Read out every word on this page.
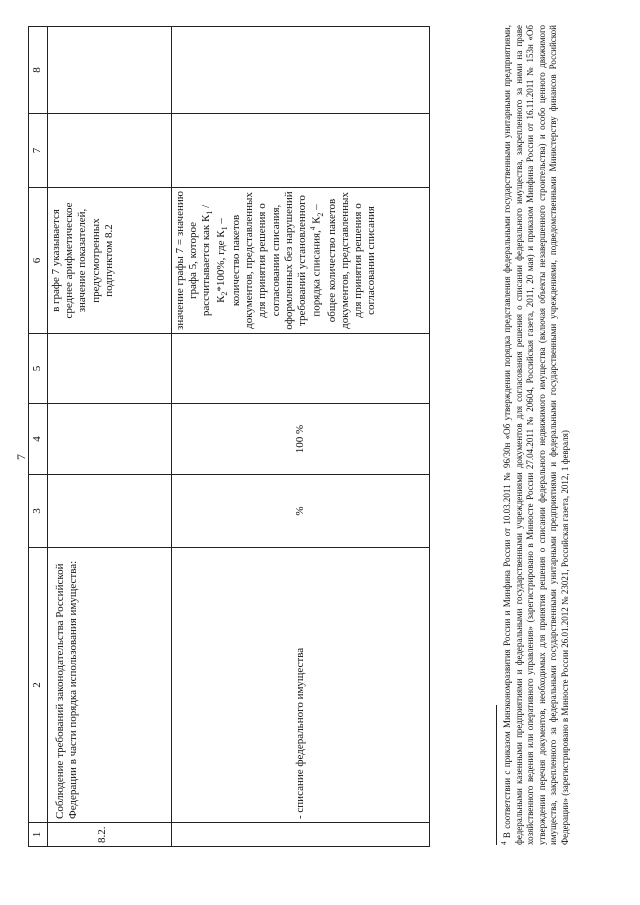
7
1	2	3	4	5	6	7	8
8.2.	Соблюдение требований законодательства Российской Федерации в части порядка использования имущества:				в графе 7 указывается среднее арифметическое значение показателей, предусмотренных подпунктом 8.2		
	- списание федерального имущества	%	100 %		значение графы 7 = значению графа 5, которое рассчитывается как $К_1$ $/К_2*100\%$, где $К_1$ – количество пакетов документов, представленных для принятия решения о согласовании списания, оформленных без нарушений требований установленного порядка списания,$^4$ $К_2$ – общее количество пакетов документов, представленных для принятия решения о согласовании списания		
$^4$ В соответствии с приказом Минэкономразвития России и Минфина России от 10.03.2011 № 96/30н «Об утверждении порядка представления федеральными государственными унитарными предприятиями, федеральными казенными предприятиями и федеральными государственными учреждениями документов для согласования решения о списании федерального имущества, закрепленного за ними на праве хозяйственного ведения или оперативного управления» (зарегистрировано в Минюсте России 27.04.2011 № 20604, Российская газета, 2011, 20 мая) и приказом Минфина России от 16.11.2011 № 153н «Об утверждении перечня документов, необходимых для принятия решения о списании федерального недвижимого имущества (включая объекты незавершенного строительства) и особо ценного движимого имущества, закрепленного за федеральными государственными унитарными предприятиями и федеральными государственными учреждениями, подведомственными Министерству финансов Российской Федерации» (зарегистрировано в Минюсте России 26.01.2012 № 23021, Российская газета, 2012, 1 февраля)
